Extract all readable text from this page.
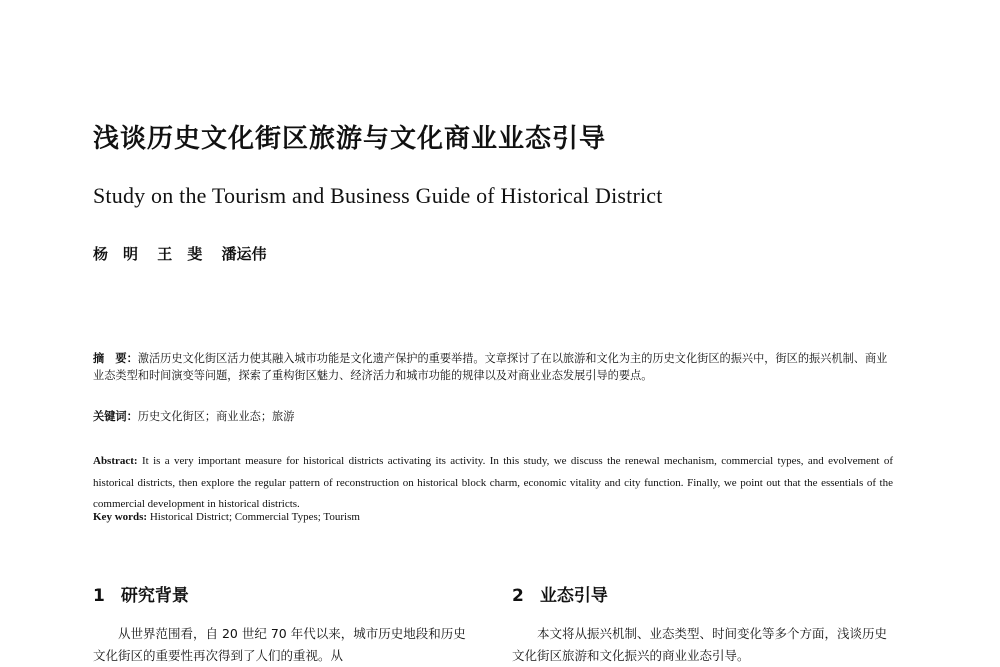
浅谈历史文化街区旅游与文化商业业态引导
Study on the Tourism and Business Guide of Historical District
杨　明 王　斐 潘运伟
摘　要：激活历史文化街区活力使其融入城市功能是文化遗产保护的重要举措。文章探讨了在以旅游和文化为主的历史文化街区的振兴中，街区的振兴机制、商业业态类型和时间演变等问题，探索了重构街区魅力、经济活力和城市功能的规律以及对商业业态发展引导的要点。
关键词：历史文化街区；商业业态；旅游
Abstract: It is a very important measure for historical districts activating its activity. In this study, we discuss the renewal mechanism, commercial types, and evolvement of historical districts, then explore the regular pattern of reconstruction on historical block charm, economic vitality and city function. Finally, we point out that the essentials of the commercial development in historical districts.
Key words: Historical District; Commercial Types; Tourism
1 研究背景
从世界范围看，自 20 世纪 70 年代以来，城市历史地段和历史文化街区的重要性再次得到了人们的重视。从
2 业态引导
本文将从振兴机制、业态类型、时间变化等多个方面，浅谈历史文化街区旅游和文化振兴的商业业态引导。
